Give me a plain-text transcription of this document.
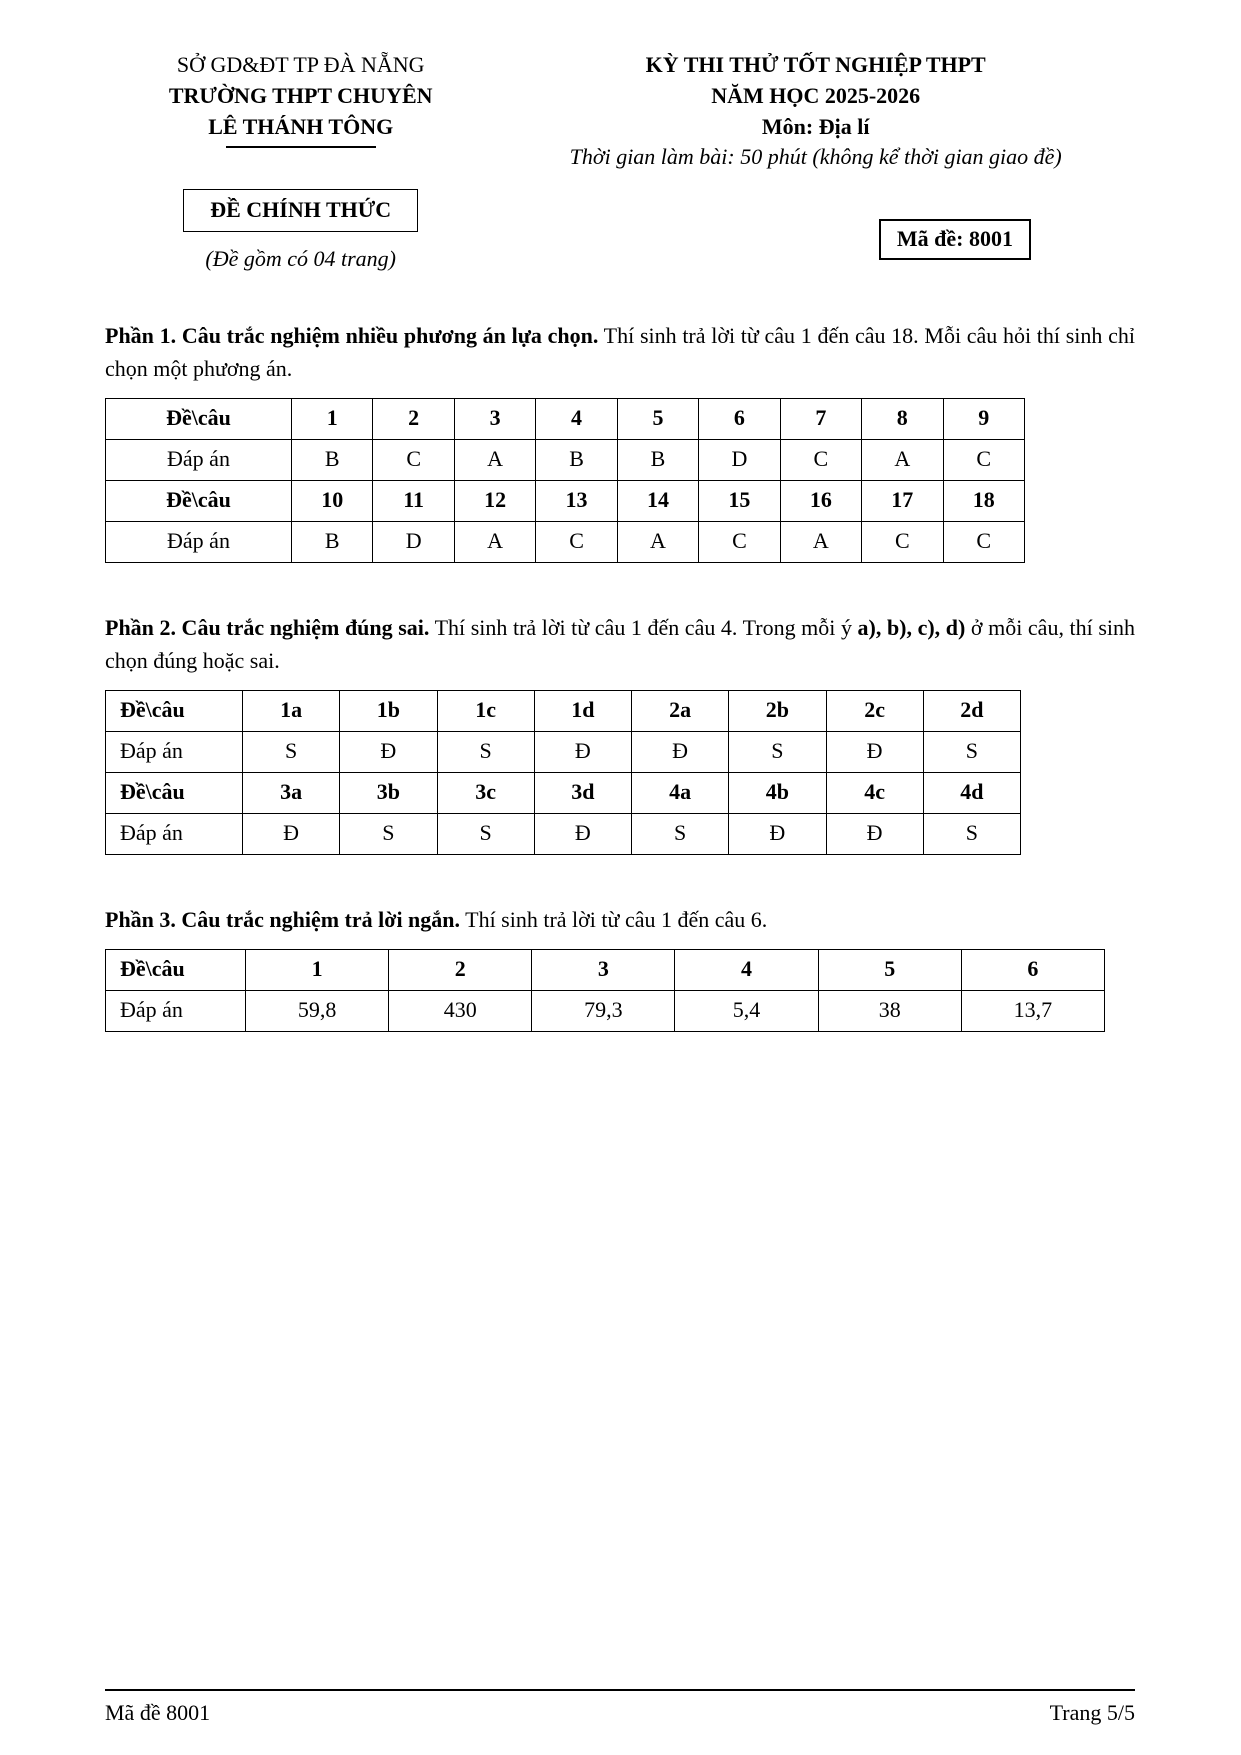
SỞ GD&ĐT TP ĐÀ NẴNG
TRƯỜNG THPT CHUYÊN
LÊ THÁNH TÔNG
KỲ THI THỬ TỐT NGHIỆP THPT
NĂM HỌC 2025-2026
Môn: Địa lí
Thời gian làm bài: 50 phút (không kể thời gian giao đề)
ĐỀ CHÍNH THỨC
(Đề gồm có 04 trang)
Mã đề: 8001

Phần 1. Câu trắc nghiệm nhiều phương án lựa chọn. Thí sinh trả lời từ câu 1 đến câu 18. Mỗi câu hỏi thí sinh chỉ chọn một phương án.

Đề\câu	1	2	3	4	5	6	7	8	9
Đáp án	B	C	A	B	B	D	C	A	C
Đề\câu	10	11	12	13	14	15	16	17	18
Đáp án	B	D	A	C	A	C	A	C	C

Phần 2. Câu trắc nghiệm đúng sai. Thí sinh trả lời từ câu 1 đến câu 4. Trong mỗi ý a), b), c), d) ở mỗi câu, thí sinh chọn đúng hoặc sai.

Đề\câu	1a	1b	1c	1d	2a	2b	2c	2d
Đáp án	S	Đ	S	Đ	Đ	S	Đ	S
Đề\câu	3a	3b	3c	3d	4a	4b	4c	4d
Đáp án	Đ	S	S	Đ	S	Đ	Đ	S

Phần 3. Câu trắc nghiệm trả lời ngắn. Thí sinh trả lời từ câu 1 đến câu 6.

Đề\câu	1	2	3	4	5	6
Đáp án	59,8	430	79,3	5,4	38	13,7
Mã đề 8001	Trang 5/5
